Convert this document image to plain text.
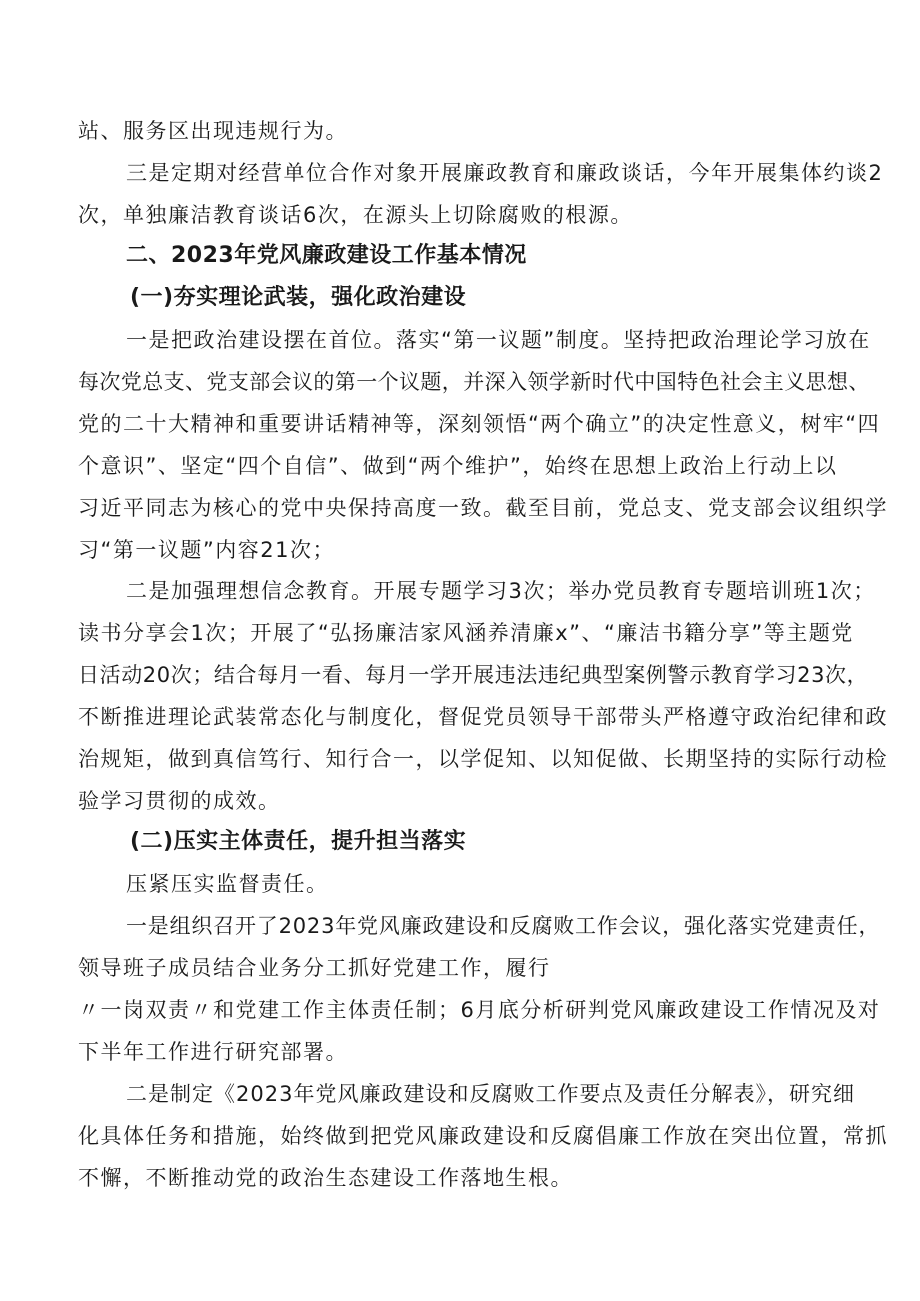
站、服务区出现违规行为。
三是定期对经营单位合作对象开展廉政教育和廉政谈话，今年开展集体约谈2
次，单独廉洁教育谈话6次，在源头上切除腐败的根源。
二、2023年党风廉政建设工作基本情况
(一)夯实理论武装，强化政治建设
一是把政治建设摆在首位。落实“第一议题”制度。坚持把政治理论学习放在
每次党总支、党支部会议的第一个议题，并深入领学新时代中国特色社会主义思想、
党的二十大精神和重要讲话精神等，深刻领悟“两个确立”的决定性意义，树牢“四
个意识”、坚定“四个自信”、做到“两个维护”，始终在思想上政治上行动上以
习近平同志为核心的党中央保持高度一致。截至目前，党总支、党支部会议组织学
习“第一议题”内容21次；
二是加强理想信念教育。开展专题学习3次；举办党员教育专题培训班1次；
读书分享会1次；开展了“弘扬廉洁家风涵养清廉x”、“廉洁书籍分享”等主题党
日活动20次；结合每月一看、每月一学开展违法违纪典型案例警示教育学习23次，
不断推进理论武装常态化与制度化，督促党员领导干部带头严格遵守政治纪律和政
治规矩，做到真信笃行、知行合一，以学促知、以知促做、长期坚持的实际行动检
验学习贯彻的成效。
(二)压实主体责任，提升担当落实
压紧压实监督责任。
一是组织召开了2023年党风廉政建设和反腐败工作会议，强化落实党建责任，
领导班子成员结合业务分工抓好党建工作，履行
〃一岗双责〃和党建工作主体责任制；6月底分析研判党风廉政建设工作情况及对
下半年工作进行研究部署。
二是制定《2023年党风廉政建设和反腐败工作要点及责任分解表》，研究细
化具体任务和措施，始终做到把党风廉政建设和反腐倡廉工作放在突出位置，常抓
不懈，不断推动党的政治生态建设工作落地生根。
